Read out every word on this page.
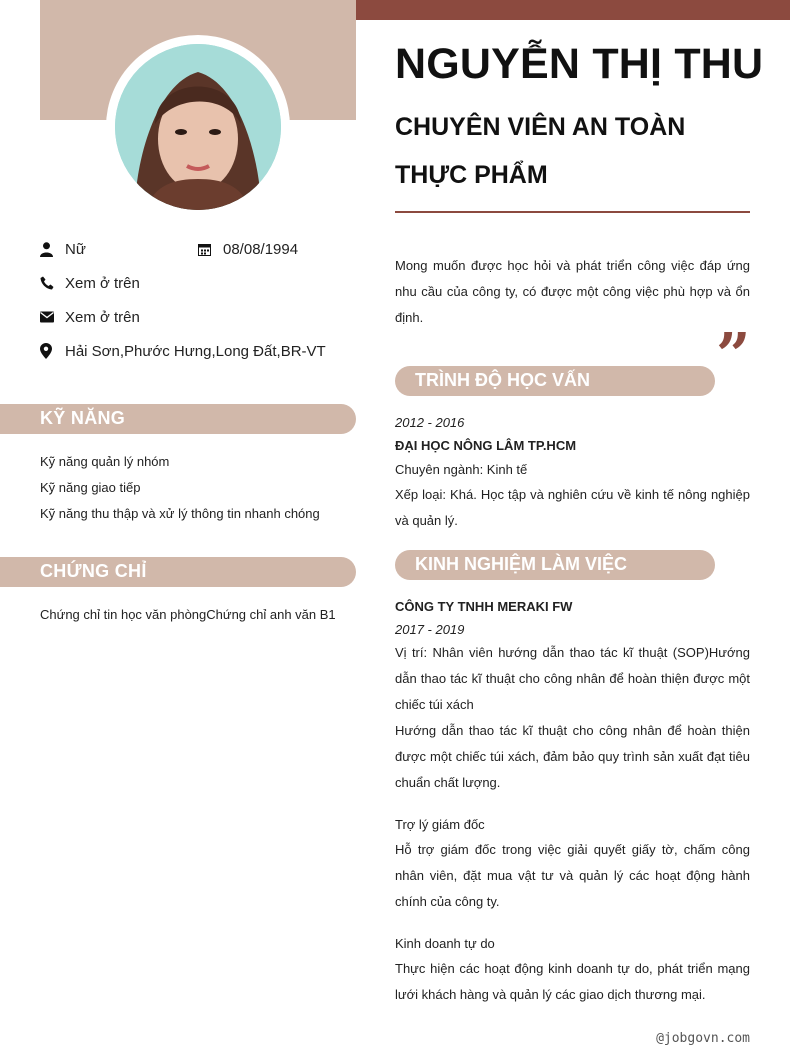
Nữ	08/08/1994
Xem ở trên
Xem ở trên
Hải Sơn,Phước Hưng,Long Đất,BR-VT
KỸ NĂNG
Kỹ năng quản lý nhóm
Kỹ năng giao tiếp
Kỹ năng thu thập và xử lý thông tin nhanh chóng
CHỨNG CHỈ
Chứng chỉ tin học văn phòngChứng chỉ anh văn B1
NGUYỄN THỊ THU
CHUYÊN VIÊN AN TOÀN
THỰC PHẨM
Mong muốn được học hỏi và phát triển công việc đáp ứng nhu cầu của công ty, có được một công việc phù hợp và ổn định.
”
TRÌNH ĐỘ HỌC VẤN
2012 - 2016
ĐẠI HỌC NÔNG LÂM TP.HCM
Chuyên ngành: Kinh tế
Xếp loại: Khá. Học tập và nghiên cứu về kinh tế nông nghiệp và quản lý.
KINH NGHIỆM LÀM VIỆC
CÔNG TY TNHH MERAKI FW
2017 - 2019
Vị trí: Nhân viên hướng dẫn thao tác kĩ thuật (SOP)Hướng dẫn thao tác kĩ thuật cho công nhân để hoàn thiện được một chiếc túi xách
Hướng dẫn thao tác kĩ thuật cho công nhân để hoàn thiện được một chiếc túi xách, đảm bảo quy trình sản xuất đạt tiêu chuẩn chất lượng.
Trợ lý giám đốc
Hỗ trợ giám đốc trong việc giải quyết giấy tờ, chấm công nhân viên, đặt mua vật tư và quản lý các hoạt động hành chính của công ty.
Kinh doanh tự do
Thực hiện các hoạt động kinh doanh tự do, phát triển mạng lưới khách hàng và quản lý các giao dịch thương mại.
@jobgovn.com
